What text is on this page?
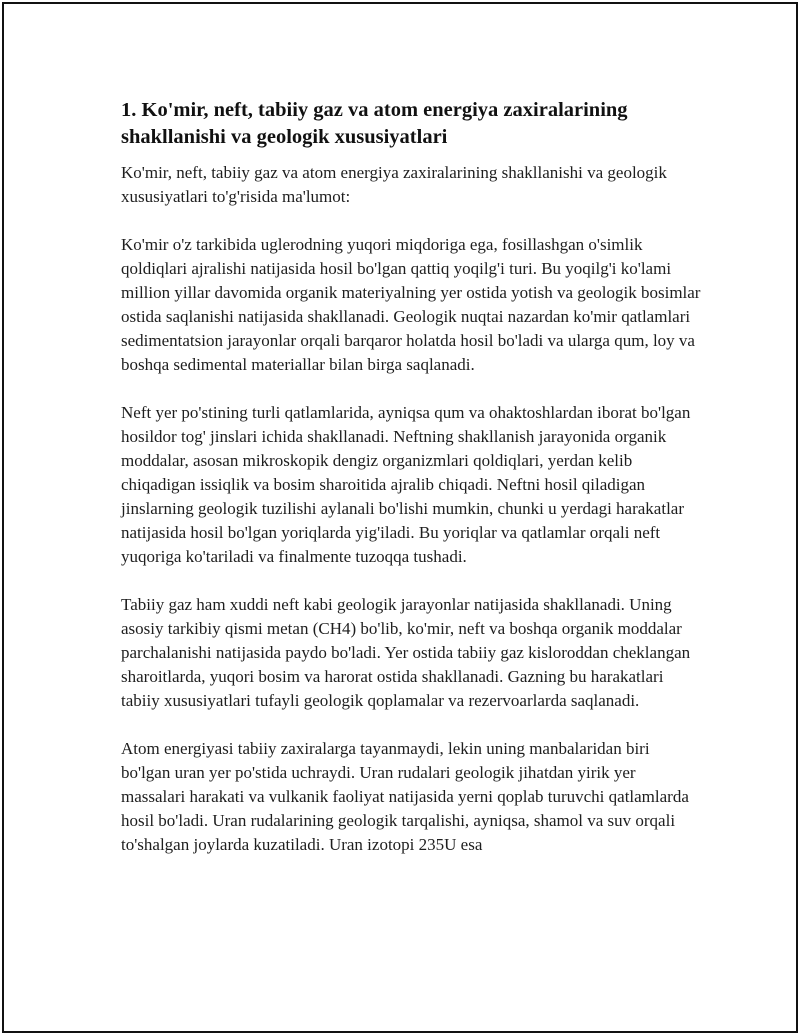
1. Ko'mir, neft, tabiiy gaz va atom energiya zaxiralarining shakllanishi va geologik xususiyatlari

Ko'mir, neft, tabiiy gaz va atom energiya zaxiralarining shakllanishi va geologik xususiyatlari to'g'risida ma'lumot:

Ko'mir o'z tarkibida uglerodning yuqori miqdoriga ega, fosillashgan o'simlik qoldiqlari ajralishi natijasida hosil bo'lgan qattiq yoqilg'i turi. Bu yoqilg'i ko'lami million yillar davomida organik materiyalning yer ostida yotish va geologik bosimlar ostida saqlanishi natijasida shakllanadi. Geologik nuqtai nazardan ko'mir qatlamlari sedimentatsion jarayonlar orqali barqaror holatda hosil bo'ladi va ularga qum, loy va boshqa sedimental materiallar bilan birga saqlanadi.

Neft yer po'stining turli qatlamlarida, ayniqsa qum va ohaktoshlardan iborat bo'lgan hosildor tog' jinslari ichida shakllanadi. Neftning shakllanish jarayonida organik moddalar, asosan mikroskopik dengiz organizmlari qoldiqlari, yerdan kelib chiqadigan issiqlik va bosim sharoitida ajralib chiqadi. Neftni hosil qiladigan jinslarning geologik tuzilishi aylanali bo'lishi mumkin, chunki u yerdagi harakatlar natijasida hosil bo'lgan yoriqlarda yig'iladi. Bu yoriqlar va qatlamlar orqali neft yuqoriga ko'tariladi va finalmente tuzoqqa tushadi.

Tabiiy gaz ham xuddi neft kabi geologik jarayonlar natijasida shakllanadi. Uning asosiy tarkibiy qismi metan (CH4) bo'lib, ko'mir, neft va boshqa organik moddalar parchalanishi natijasida paydo bo'ladi. Yer ostida tabiiy gaz kisloroddan cheklangan sharoitlarda, yuqori bosim va harorat ostida shakllanadi. Gazning bu harakatlari tabiiy xususiyatlari tufayli geologik qoplamalar va rezervoarlarda saqlanadi.

Atom energiyasi tabiiy zaxiralarga tayanmaydi, lekin uning manbalaridan biri bo'lgan uran yer po'stida uchraydi. Uran rudalari geologik jihatdan yirik yer massalari harakati va vulkanik faoliyat natijasida yerni qoplab turuvchi qatlamlarda hosil bo'ladi. Uran rudalarining geologik tarqalishi, ayniqsa, shamol va suv orqali to'shalgan joylarda kuzatiladi. Uran izotopi 235U esa
